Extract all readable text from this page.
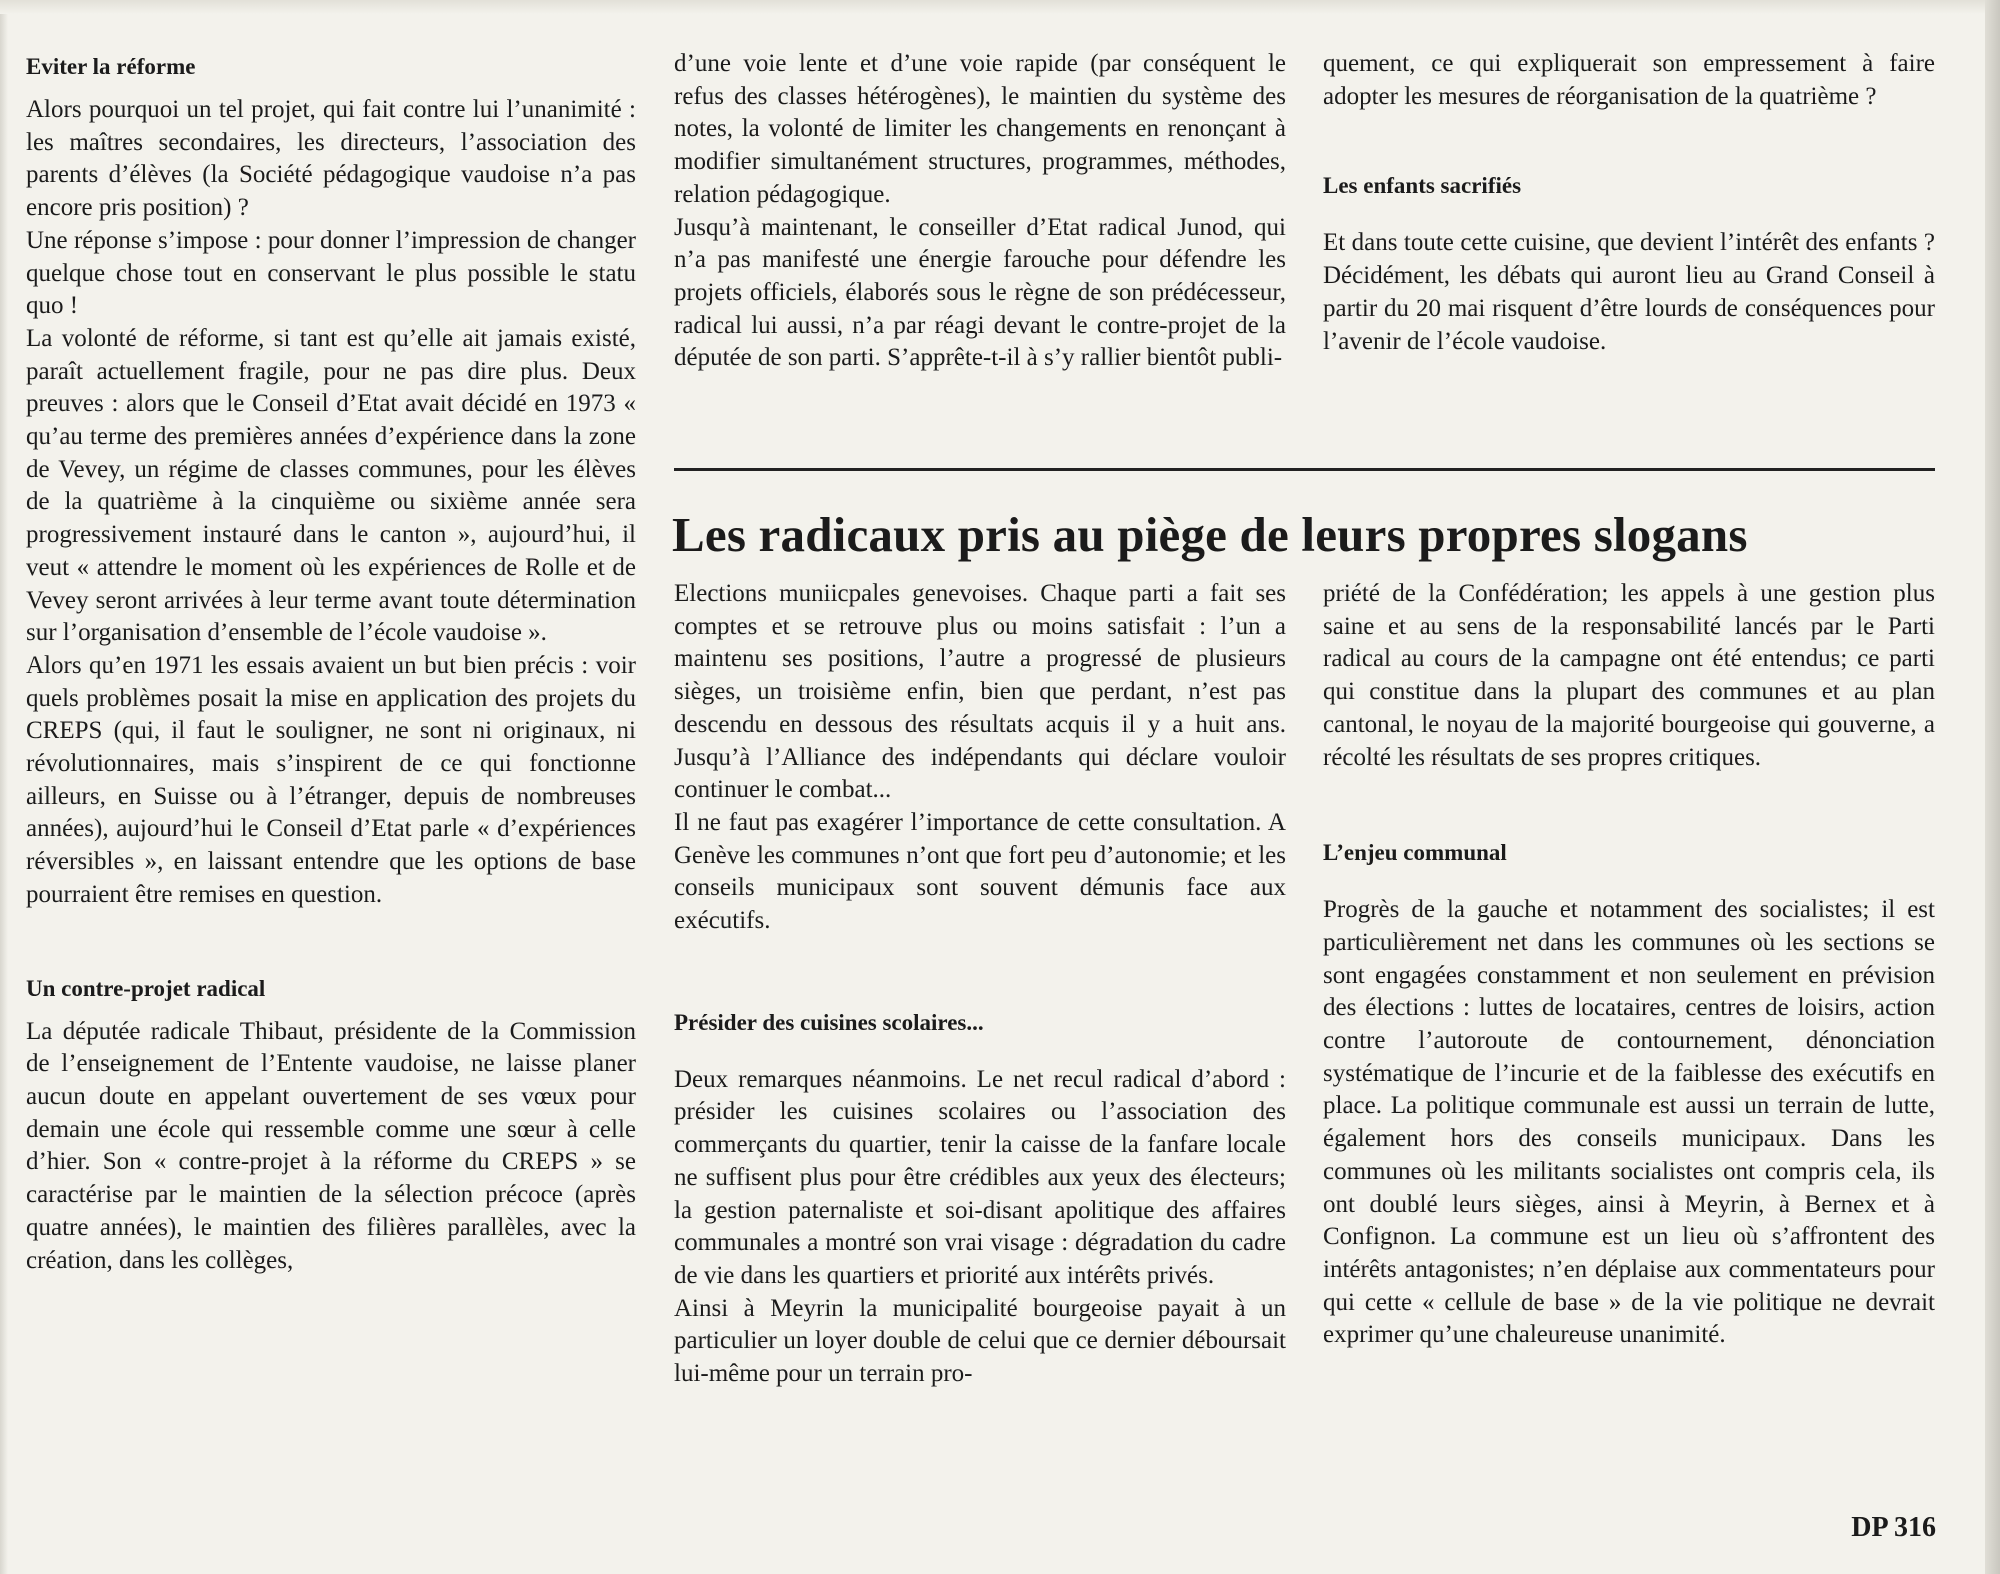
Eviter la réforme

Alors pourquoi un tel projet, qui fait contre lui l’unanimité : les maîtres secondaires, les directeurs, l’association des parents d’élèves (la Société pédagogique vaudoise n’a pas encore pris position) ?

Une réponse s’impose : pour donner l’impression de changer quelque chose tout en conservant le plus possible le statu quo !

La volonté de réforme, si tant est qu’elle ait jamais existé, paraît actuellement fragile, pour ne pas dire plus. Deux preuves : alors que le Conseil d’Etat avait décidé en 1973 « qu’au terme des premières années d’expérience dans la zone de Vevey, un régime de classes communes, pour les élèves de la quatrième à la cinquième ou sixième année sera progressivement instauré dans le canton », aujourd’hui, il veut « attendre le moment où les expériences de Rolle et de Vevey seront arrivées à leur terme avant toute détermination sur l’organisation d’ensemble de l’école vaudoise ».

Alors qu’en 1971 les essais avaient un but bien précis : voir quels problèmes posait la mise en application des projets du CREPS (qui, il faut le souligner, ne sont ni originaux, ni révolutionnaires, mais s’inspirent de ce qui fonctionne ailleurs, en Suisse ou à l’étranger, depuis de nombreuses années), aujourd’hui le Conseil d’Etat parle « d’expériences réversibles », en laissant entendre que les options de base pourraient être remises en question.

Un contre-projet radical

La députée radicale Thibaut, présidente de la Commission de l’enseignement de l’Entente vaudoise, ne laisse planer aucun doute en appelant ouvertement de ses vœux pour demain une école qui ressemble comme une sœur à celle d’hier. Son « contre-projet à la réforme du CREPS » se caractérise par le maintien de la sélection précoce (après quatre années), le maintien des filières parallèles, avec la création, dans les collèges,

d’une voie lente et d’une voie rapide (par conséquent le refus des classes hétérogènes), le maintien du système des notes, la volonté de limiter les changements en renonçant à modifier simultanément structures, programmes, méthodes, relation pédagogique.

Jusqu’à maintenant, le conseiller d’Etat radical Junod, qui n’a pas manifesté une énergie farouche pour défendre les projets officiels, élaborés sous le règne de son prédécesseur, radical lui aussi, n’a par réagi devant le contre-projet de la députée de son parti. S’apprête-t-il à s’y rallier bientôt publi-

quement, ce qui expliquerait son empressement à faire adopter les mesures de réorganisation de la quatrième ?

Les enfants sacrifiés

Et dans toute cette cuisine, que devient l’intérêt des enfants ? Décidément, les débats qui auront lieu au Grand Conseil à partir du 20 mai risquent d’être lourds de conséquences pour l’avenir de l’école vaudoise.

Les radicaux pris au piège de leurs propres slogans

Elections muniicpales genevoises. Chaque parti a fait ses comptes et se retrouve plus ou moins satisfait : l’un a maintenu ses positions, l’autre a progressé de plusieurs sièges, un troisième enfin, bien que perdant, n’est pas descendu en dessous des résultats acquis il y a huit ans. Jusqu’à l’Alliance des indépendants qui déclare vouloir continuer le combat...

Il ne faut pas exagérer l’importance de cette consultation. A Genève les communes n’ont que fort peu d’autonomie; et les conseils municipaux sont souvent démunis face aux exécutifs.

Présider des cuisines scolaires...

Deux remarques néanmoins. Le net recul radical d’abord : présider les cuisines scolaires ou l’association des commerçants du quartier, tenir la caisse de la fanfare locale ne suffisent plus pour être crédibles aux yeux des électeurs; la gestion paternaliste et soi-disant apolitique des affaires communales a montré son vrai visage : dégradation du cadre de vie dans les quartiers et priorité aux intérêts privés.

Ainsi à Meyrin la municipalité bourgeoise payait à un particulier un loyer double de celui que ce dernier déboursait lui-même pour un terrain pro-

priété de la Confédération; les appels à une gestion plus saine et au sens de la responsabilité lancés par le Parti radical au cours de la campagne ont été entendus; ce parti qui constitue dans la plupart des communes et au plan cantonal, le noyau de la majorité bourgeoise qui gouverne, a récolté les résultats de ses propres critiques.

L’enjeu communal

Progrès de la gauche et notamment des socialistes; il est particulièrement net dans les communes où les sections se sont engagées constamment et non seulement en prévision des élections : luttes de locataires, centres de loisirs, action contre l’autoroute de contournement, dénonciation systématique de l’incurie et de la faiblesse des exécutifs en place. La politique communale est aussi un terrain de lutte, également hors des conseils municipaux. Dans les communes où les militants socialistes ont compris cela, ils ont doublé leurs sièges, ainsi à Meyrin, à Bernex et à Confignon. La commune est un lieu où s’affrontent des intérêts antagonistes; n’en déplaise aux commentateurs pour qui cette « cellule de base » de la vie politique ne devrait exprimer qu’une chaleureuse unanimité.

DP 316
